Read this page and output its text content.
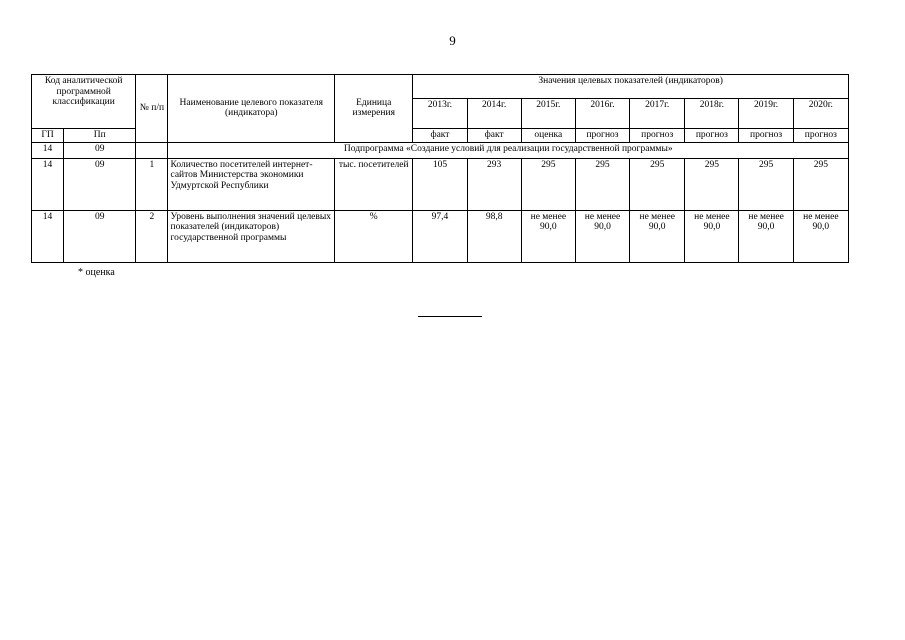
9
Код аналитической программной классификации		№ п/п	Наименование целевого показателя (индикатора)	Единица измерения	Значения целевых показателей (индикаторов)							
					2013г.	2014г.	2015г.	2016г.	2017г.	2018г.	2019г.	2020г.
ГП	Пп				факт	факт	оценка	прогноз	прогноз	прогноз	прогноз	прогноз
14	09		Подпрограмма «Создание условий для реализации государственной программы»									
14	09	1	Количество посетителей интернет-сайтов Министерства экономики Удмуртской Республики	тыс. посетителей	105	293	295	295	295	295	295	295
14	09	2	Уровень выполнения значений целевых показателей (индикаторов) государственной программы	%	97,4	98,8	не менее 90,0	не менее 90,0	не менее 90,0	не менее 90,0	не менее 90,0	не менее 90,0
* оценка
